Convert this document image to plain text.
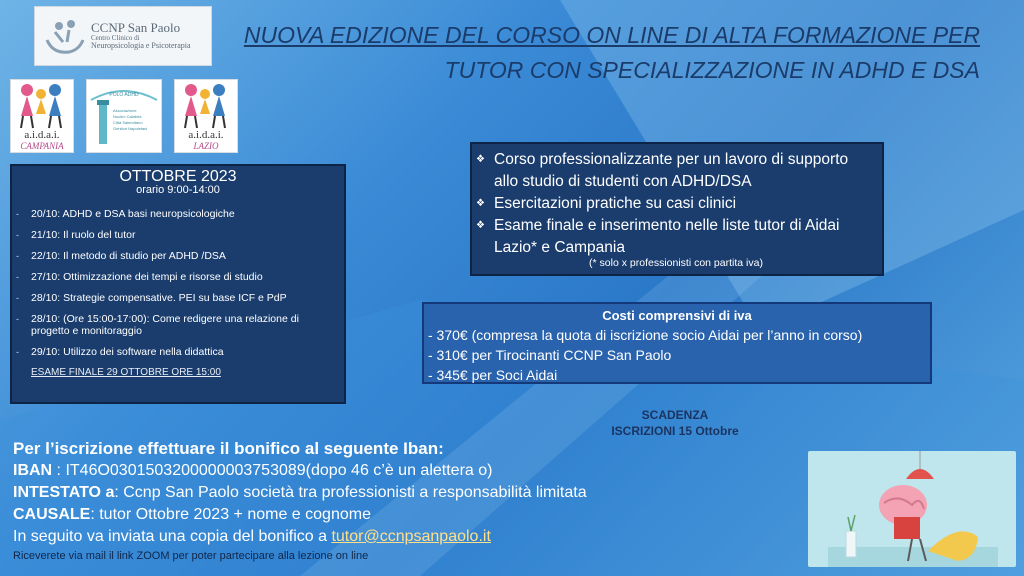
CCNP San Paolo
Centro Clinico di
Neuropsicologia e Psicoterapia NUOVA EDIZIONE DEL CORSO ON LINE DI ALTA FORMAZIONE PER
TUTOR CON SPECIALIZZAZIONE IN ADHD E DSA
a.i.d.a.i.
CAMPANIA
POLO ADHD
Associazione
Nucleo Calabria
Città Salernitano
Genitori Napoletani
a.i.d.a.i.
LAZIO
OTTOBRE 2023
orario 9:00-14:00
‐	20/10: ADHD e DSA basi neuropsicologiche
‐	21/10: Il ruolo del tutor
‐	22/10: Il metodo di studio per ADHD /DSA
‐	27/10: Ottimizzazione dei tempi e risorse di studio
‐	28/10: Strategie compensative. PEI su base ICF e PdP
‐	28/10: (Ore 15:00-17:00): Come redigere una relazione di progetto e monitoraggio
‐	29/10: Utilizzo dei software nella didattica
ESAME FINALE 29 OTTOBRE ORE 15:00
❖ Corso professionalizzante per un lavoro di supporto allo studio di studenti con ADHD/DSA
❖ Esercitazioni pratiche su casi clinici
❖ Esame finale e inserimento nelle liste tutor di Aidai Lazio* e Campania
(* solo x professionisti con partita iva)
Costi comprensivi di iva
- 370€ (compresa la quota di iscrizione socio Aidai per l’anno in corso)
- 310€ per Tirocinanti CCNP San Paolo
- 345€ per Soci Aidai
SCADENZA
ISCRIZIONI 15 Ottobre
Per l’iscrizione effettuare il bonifico al seguente Iban:
IBAN : IT46O0301503200000003753089(dopo 46 c’è un alettera o)
INTESTATO a: Ccnp San Paolo società tra professionisti a responsabilità limitata
CAUSALE: tutor Ottobre 2023 + nome e cognome
In seguito va inviata una copia del bonifico a tutor@ccnpsanpaolo.it
Riceverete via mail il link ZOOM per poter partecipare alla lezione on line
